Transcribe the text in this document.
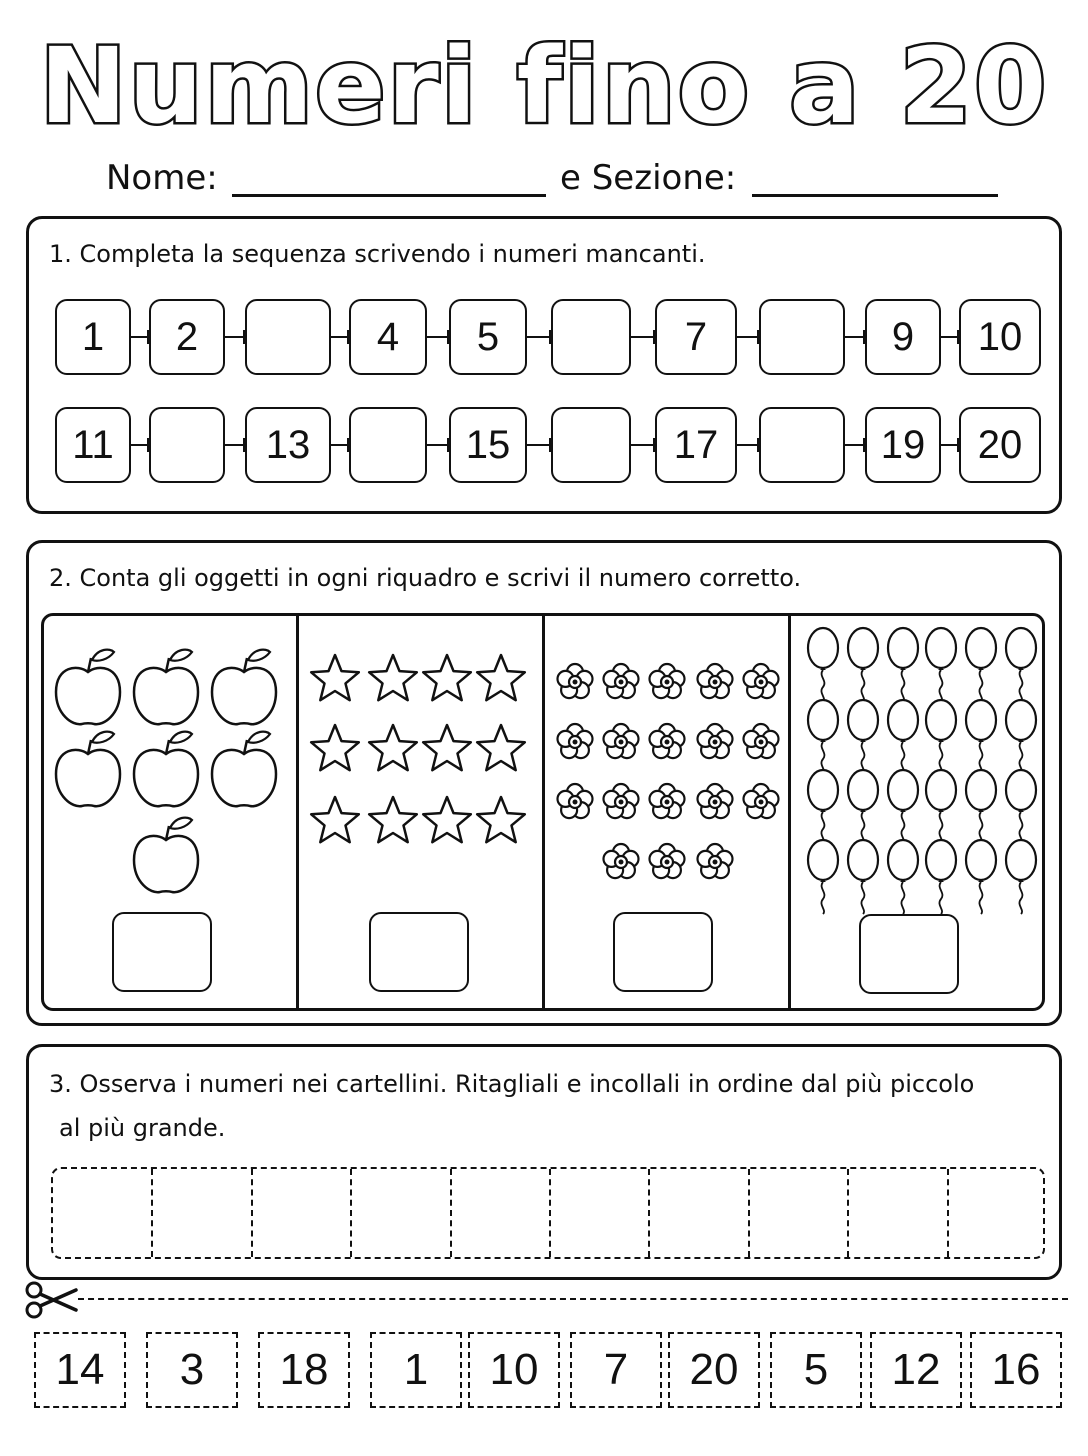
Numeri fino a 20
Nome:	e Sezione:
1. Completa la sequenza scrivendo i numeri mancanti.
1	2	4	5	7	9	10
11	13	15	17	19	20
2. Conta gli oggetti in ogni riquadro e scrivi il numero corretto.
3. Osserva i numeri nei cartellini. Ritagliali e incollali in ordine dal più piccolo
al più grande.
14	3	18	1	10	7	20	5	12	16
